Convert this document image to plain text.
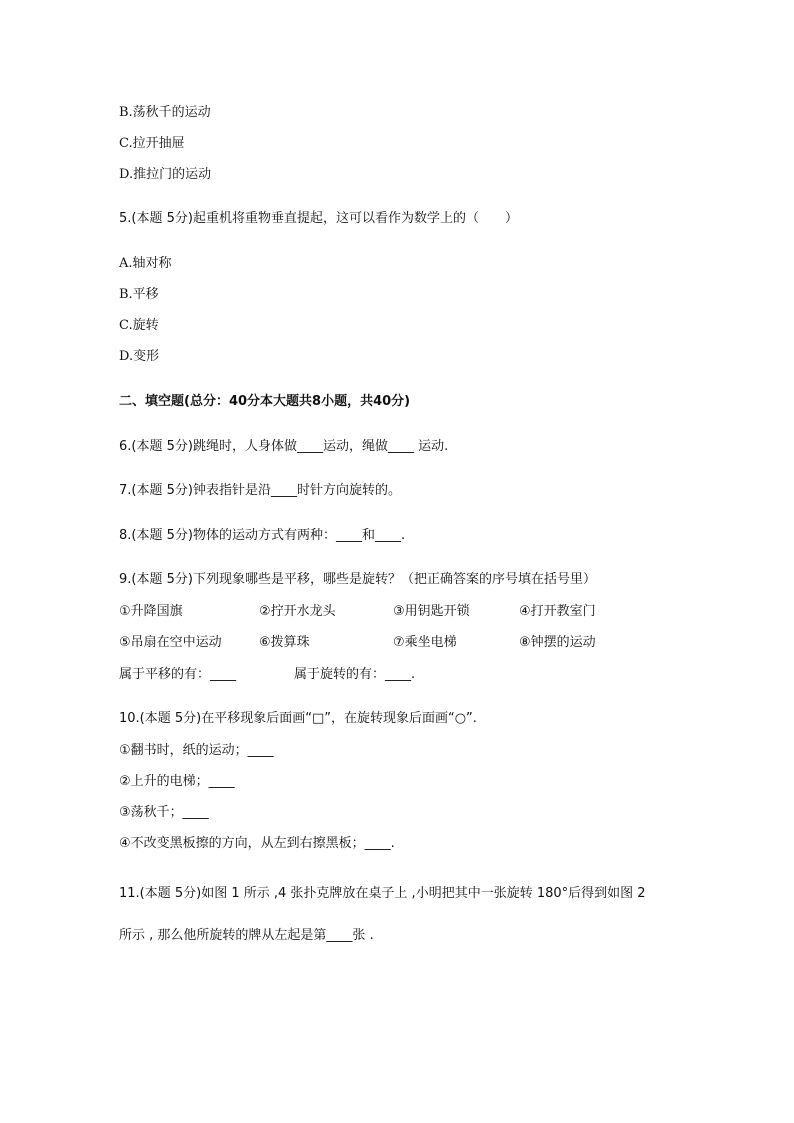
B.荡秋千的运动
C.拉开抽屉
D.推拉门的运动
5.(本题 5分)起重机将重物垂直提起，这可以看作为数学上的（　　）
A.轴对称
B.平移
C.旋转
D.变形
二、填空题(总分：40分本大题共8小题，共40分)
6.(本题 5分)跳绳时，人身体做____运动，绳做____ 运动.
7.(本题 5分)钟表指针是沿____时针方向旋转的。
8.(本题 5分)物体的运动方式有两种：____和____.
9.(本题 5分)下列现象哪些是平移，哪些是旋转？（把正确答案的序号填在括号里）
①升降国旗	②拧开水龙头	③用钥匙开锁	④打开教室门
⑤吊扇在空中运动	⑥拨算珠	⑦乘坐电梯	⑧钟摆的运动
属于平移的有：____	属于旋转的有：____.
10.(本题 5分)在平移现象后面画“□”，在旋转现象后面画“○”.
①翻书时，纸的运动；____
②上升的电梯；____
③荡秋千；____
④不改变黑板擦的方向，从左到右擦黑板；____.
11.(本题 5分)如图 1 所示 ,4 张扑克牌放在桌子上 ,小明把其中一张旋转 180°后得到如图 2
所示 , 那么他所旋转的牌从左起是第____张 .
